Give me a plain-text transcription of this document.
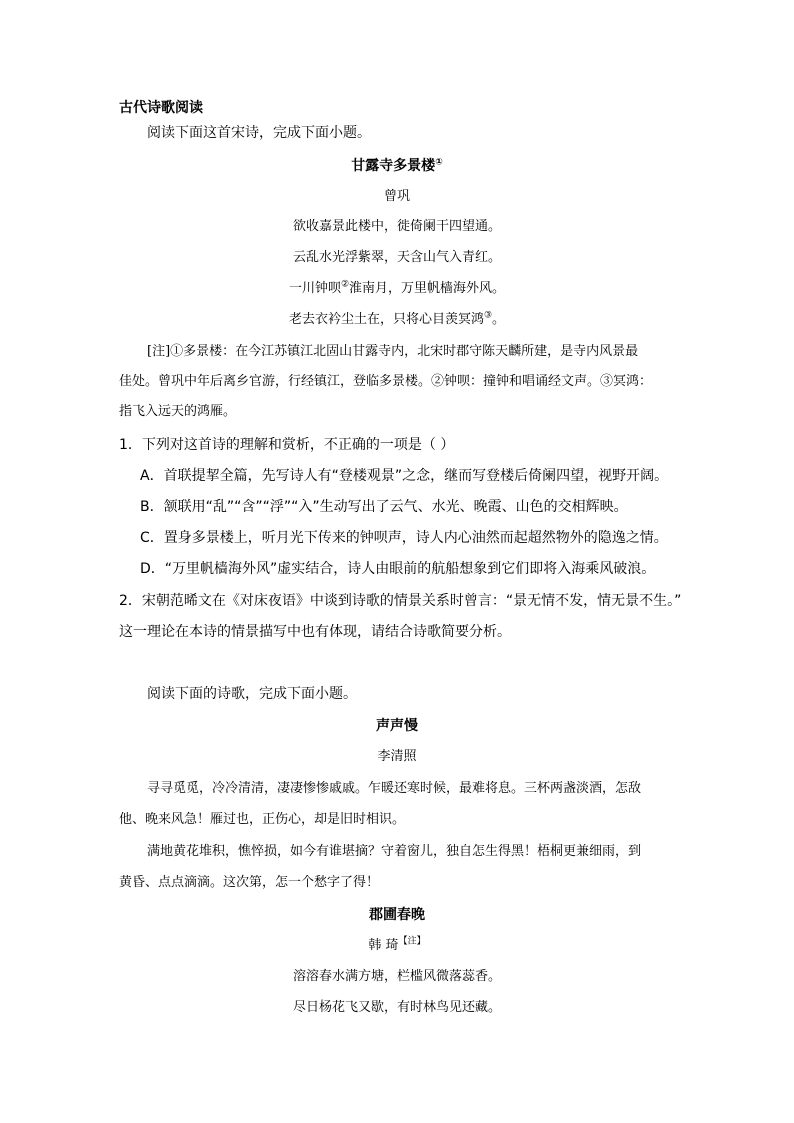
古代诗歌阅读
阅读下面这首宋诗，完成下面小题。
甘露寺多景楼①
曾巩
欲收嘉景此楼中，徙倚阑干四望通。
云乱水光浮紫翠，天含山气入青红。
一川钟呗②淮南月，万里帆樯海外风。
老去衣衿尘土在，只将心目羡冥鸿③。
[注]①多景楼：在今江苏镇江北固山甘露寺内，北宋时郡守陈天麟所建，是寺内风景最
佳处。曾巩中年后离乡官游，行经镇江，登临多景楼。②钟呗：撞钟和唱诵经文声。③冥鸿：
指飞入远天的鸿雁。
1．下列对这首诗的理解和赏析，不正确的一项是（ ）
A．首联提挈全篇，先写诗人有“登楼观景”之念，继而写登楼后倚阑四望，视野开阔。
B．颔联用“乱”“含”“浮”“入”生动写出了云气、水光、晚霞、山色的交相辉映。
C．置身多景楼上，听月光下传来的钟呗声，诗人内心油然而起超然物外的隐逸之情。
D．“万里帆樯海外风”虚实结合，诗人由眼前的航船想象到它们即将入海乘风破浪。
2．宋朝范晞文在《对床夜语》中谈到诗歌的情景关系时曾言：“景无情不发，情无景不生。”
这一理论在本诗的情景描写中也有体现，请结合诗歌简要分析。
阅读下面的诗歌，完成下面小题。
声声慢
李清照
寻寻觅觅，冷冷清清，凄凄惨惨戚戚。乍暖还寒时候，最难将息。三杯两盏淡酒，怎敌
他、晚来风急！雁过也，正伤心，却是旧时相识。
满地黄花堆积，憔悴损，如今有谁堪摘？守着窗儿，独自怎生得黑！梧桐更兼细雨，到
黄昏、点点滴滴。这次第，怎一个愁字了得！
郡圃春晚
韩 琦$^{【注】}$
溶溶春水满方塘，栏槛风微落蕊香。
尽日杨花飞又歇，有时林鸟见还藏。
